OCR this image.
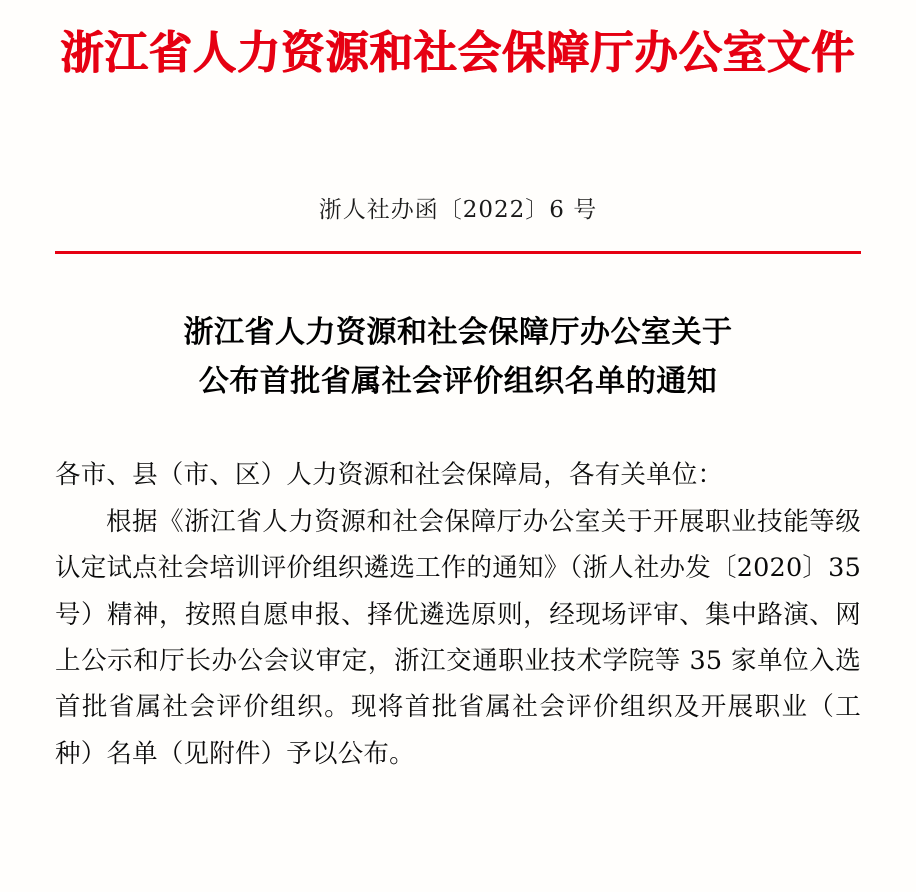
浙江省人力资源和社会保障厅办公室文件
浙人社办函〔2022〕6 号
浙江省人力资源和社会保障厅办公室关于
公布首批省属社会评价组织名单的通知

各市、县（市、区）人力资源和社会保障局，各有关单位：

根据《浙江省人力资源和社会保障厅办公室关于开展职业技能等级认定试点社会培训评价组织遴选工作的通知》（浙人社办发〔2020〕35 号）精神，按照自愿申报、择优遴选原则，经现场评审、集中路演、网上公示和厅长办公会议审定，浙江交通职业技术学院等 35 家单位入选首批省属社会评价组织。现将首批省属社会评价组织及开展职业（工种）名单（见附件）予以公布。
